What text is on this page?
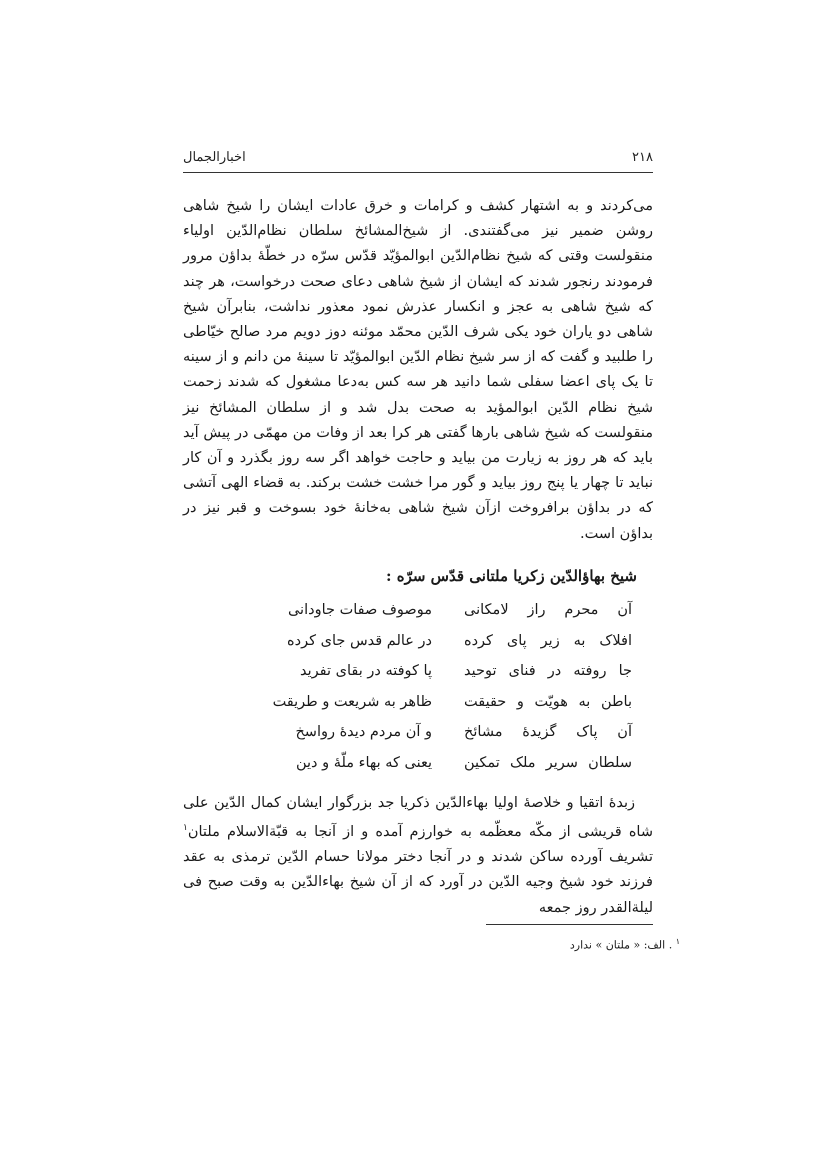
۲۱۸
اخبارالجمال

می‌کردند و به اشتهار کشف و کرامات و خرق عادات ایشان را شیخ شاهی روشن ضمیر نیز می‌گفتندی. از شیخ‌المشائخ سلطان نظام‌الدّین اولیاء منقولست وقتی که شیخ نظام‌الدّین ابوالمؤیّد قدّس سرّه در خطّهٔ بداؤن مرور فرمودند رنجور شدند که ایشان از شیخ شاهی دعای صحت درخواست، هر چند که شیخ شاهی به عجز و انکسار عذرش نمود معذور نداشت، بنابرآن شیخ شاهی دو یاران خود یکی شرف الدّین محمّد موئنه دوز دویم مرد صالح خیّاطی را طلبید و گفت که از سر شیخ نظام الدّین ابوالمؤیّد تا سینهٔ من دانم و از سینه تا یک پای اعضا سفلی شما دانید هر سه کس به‌دعا مشغول که شدند زحمت شیخ نظام الدّین ابوالمؤید به صحت بدل شد و از سلطان المشائخ نیز منقولست که شیخ شاهی بارها گفتی هر کرا بعد از وفات من مهمّی در پیش آید باید که هر روز به زیارت من بیاید و حاجت خواهد اگر سه روز بگذرد و آن کار نباید تا چهار یا پنج روز بیاید و گور مرا خشت خشت برکند. به قضاء الهی آتشی که در بداؤن برافروخت ازآن شیخ شاهی به‌خانهٔ خود بسوخت و قبر نیز در بداؤن است.

شیخ بهاؤالدّین زکریا ملتانی قدّس سرّه :
آن محرم راز لامکانی
موصوف صفات جاودانی
افلاک به زیر پای کرده
در عالم قدس جای کرده
جا روفته در فنای توحید
پا کوفته در بقای تفرید
باطن به هویّت و حقیقت
ظاهر به شریعت و طریقت
آن پاک گزیدهٔ مشائخ
و آن مردم دیدهٔ رواسخ
سلطان سریر ملک تمکین
یعنی که بهاء ملّهٔ و دین

زبدهٔ اتقیا و خلاصهٔ اولیا بهاءالدّین ذکریا جد بزرگوار ایشان کمال الدّین علی شاه قریشی از مکّه معظّمه به خوارزم آمده و از آنجا به قبّةالاسلام ملتان$^۱$ تشریف آورده ساکن شدند و در آنجا دختر مولانا حسام الدّین ترمذی به عقد فرزند خود شیخ وجیه الدّین در آورد که از آن شیخ بهاءالدّین به وقت صبح فی لیلةالقدر روز جمعه

$^۱$ . الف: « ملتان » ندارد
